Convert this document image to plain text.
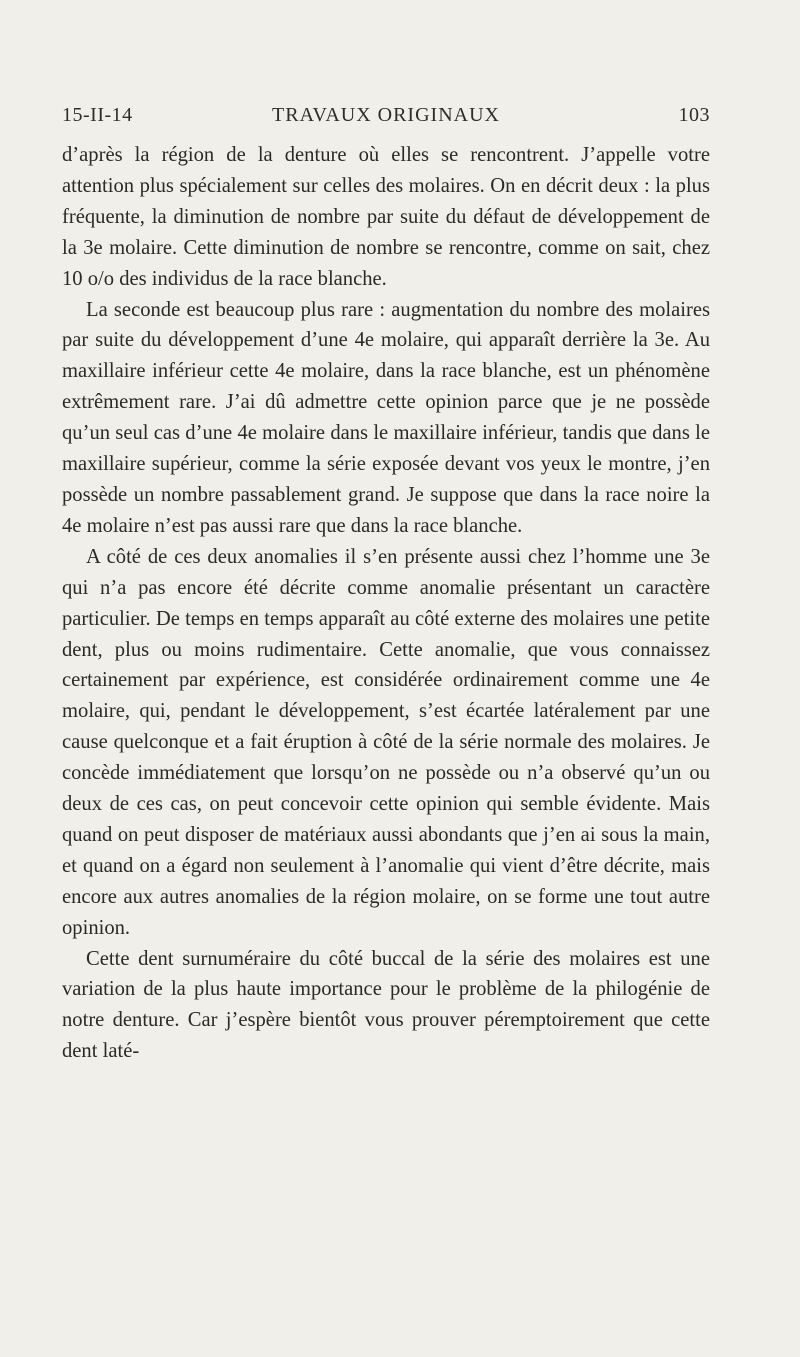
15-II-14	TRAVAUX ORIGINAUX	103

d’après la région de la denture où elles se rencontrent. J’appelle votre attention plus spécialement sur celles des molaires. On en décrit deux : la plus fréquente, la diminution de nombre par suite du défaut de développement de la 3e molaire. Cette diminution de nombre se rencontre, comme on sait, chez 10 o/o des individus de la race blanche.

La seconde est beaucoup plus rare : augmentation du nombre des molaires par suite du développement d’une 4e molaire, qui apparaît derrière la 3e. Au maxillaire inférieur cette 4e molaire, dans la race blanche, est un phénomène extrêmement rare. J’ai dû admettre cette opinion parce que je ne possède qu’un seul cas d’une 4e molaire dans le maxillaire inférieur, tandis que dans le maxillaire supérieur, comme la série exposée devant vos yeux le montre, j’en possède un nombre passablement grand. Je suppose que dans la race noire la 4e molaire n’est pas aussi rare que dans la race blanche.

A côté de ces deux anomalies il s’en présente aussi chez l’homme une 3e qui n’a pas encore été décrite comme anomalie présentant un caractère particulier. De temps en temps apparaît au côté externe des molaires une petite dent, plus ou moins rudimentaire. Cette anomalie, que vous connaissez certainement par expérience, est considérée ordinairement comme une 4e molaire, qui, pendant le développement, s’est écartée latéralement par une cause quelconque et a fait éruption à côté de la série normale des molaires. Je concède immédiatement que lorsqu’on ne possède ou n’a observé qu’un ou deux de ces cas, on peut concevoir cette opinion qui semble évidente. Mais quand on peut disposer de matériaux aussi abondants que j’en ai sous la main, et quand on a égard non seulement à l’anomalie qui vient d’être décrite, mais encore aux autres anomalies de la région molaire, on se forme une tout autre opinion.

Cette dent surnuméraire du côté buccal de la série des molaires est une variation de la plus haute importance pour le problème de la philogénie de notre denture. Car j’espère bientôt vous prouver péremptoirement que cette dent laté-
